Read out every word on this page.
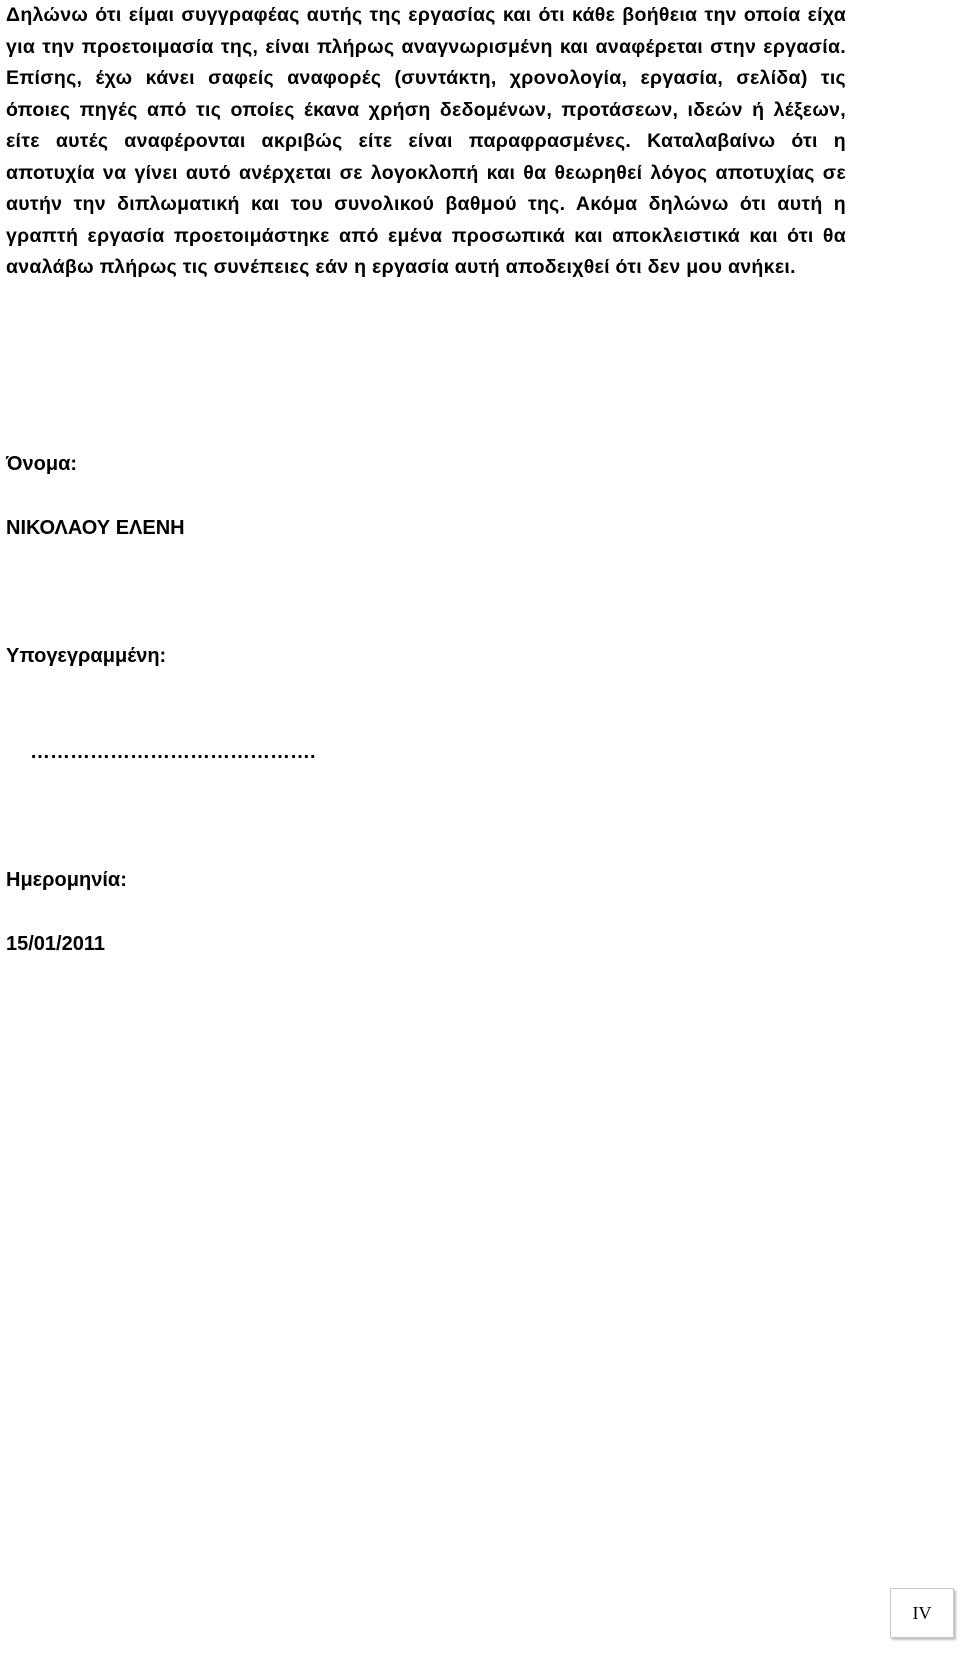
Δηλώνω ότι είμαι συγγραφέας αυτής της εργασίας και ότι κάθε βοήθεια την οποία είχα για την προετοιμασία της, είναι πλήρως αναγνωρισμένη και αναφέρεται στην εργασία. Επίσης, έχω κάνει σαφείς αναφορές (συντάκτη, χρονολογία, εργασία, σελίδα) τις όποιες πηγές από τις οποίες έκανα χρήση δεδομένων, προτάσεων, ιδεών ή λέξεων, είτε αυτές αναφέρονται ακριβώς είτε είναι παραφρασμένες. Καταλαβαίνω ότι η αποτυχία να γίνει αυτό ανέρχεται σε λογοκλοπή και θα θεωρηθεί λόγος αποτυχίας σε αυτήν την διπλωματική και του συνολικού βαθμού της. Ακόμα δηλώνω ότι αυτή η γραπτή εργασία προετοιμάστηκε από εμένα προσωπικά και αποκλειστικά και ότι θα αναλάβω πλήρως τις συνέπειες εάν η εργασία αυτή αποδειχθεί ότι δεν μου ανήκει.

Όνομα:

ΝΙΚΟΛΑΟΥ ΕΛΕΝΗ

Υπογεγραμμένη:

…………………………………….

Ημερομηνία:

15/01/2011

IV
